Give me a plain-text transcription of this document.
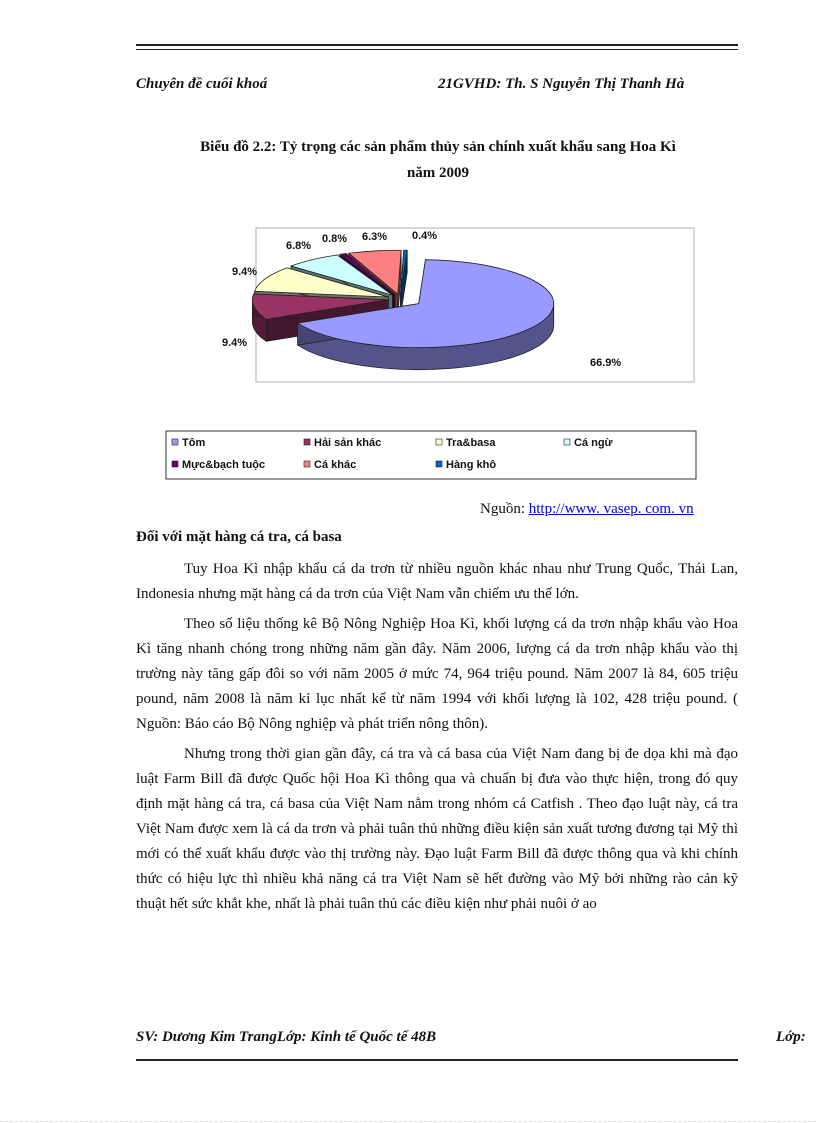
Chuyên đề cuối khoá	21GVHD: Th. S Nguyễn Thị Thanh Hà
Biểu đồ 2.2: Tỷ trọng các sản phẩm thủy sản chính xuất khẩu sang Hoa Kì
năm 2009
66.9%
9.4%
9.4%
6.8%
0.8% 6.3% 0.4%
Tôm	Hải sản khác	Tra&basa	Cá ngừ
Mực&bạch tuộc	Cá khác	Hàng khô
Nguồn: http://www. vasep. com. vn
Đối với mặt hàng cá tra, cá basa

Tuy Hoa Kì nhập khẩu cá da trơn từ nhiều nguồn khác nhau như Trung Quốc, Thái Lan, Indonesia nhưng mặt hàng cá da trơn của Việt Nam vẫn chiếm ưu thế lớn.

Theo số liệu thống kê Bộ Nông Nghiệp Hoa Kì, khối lượng cá da trơn nhập khẩu vào Hoa Kì tăng nhanh chóng trong những năm gần đây. Năm 2006, lượng cá da trơn nhập khẩu vào thị trường này tăng gấp đôi so với năm 2005 ở mức 74, 964 triệu pound. Năm 2007 là 84, 605 triệu pound, năm 2008 là năm kỉ lục nhất kể từ năm 1994 với khối lượng là 102, 428 triệu pound. ( Nguồn: Báo cáo Bộ Nông nghiệp và phát triển nông thôn).

Nhưng trong thời gian gần đây, cá tra và cá basa của Việt Nam đang bị đe dọa khi mà đạo luật Farm Bill đã được Quốc hội Hoa Kì thông qua và chuẩn bị đưa vào thực hiện, trong đó quy định mặt hàng cá tra, cá basa của Việt Nam nằm trong nhóm cá Catfish . Theo đạo luật này, cá tra Việt Nam được xem là cá da trơn và phải tuân thủ những điều kiện sản xuất tương đương tại Mỹ thì mới có thể xuất khẩu được vào thị trường này. Đạo luật Farm Bill đã được thông qua và khi chính thức có hiệu lực thì nhiều khả năng cá tra Việt Nam sẽ hết đường vào Mỹ bởi những rào cản kỹ thuật hết sức khắt khe, nhất là phải tuân thủ các điều kiện như phải nuôi ở ao

SV: Dương Kim TrangLớp: Kinh tế Quốc tế 48B	Lớp:
